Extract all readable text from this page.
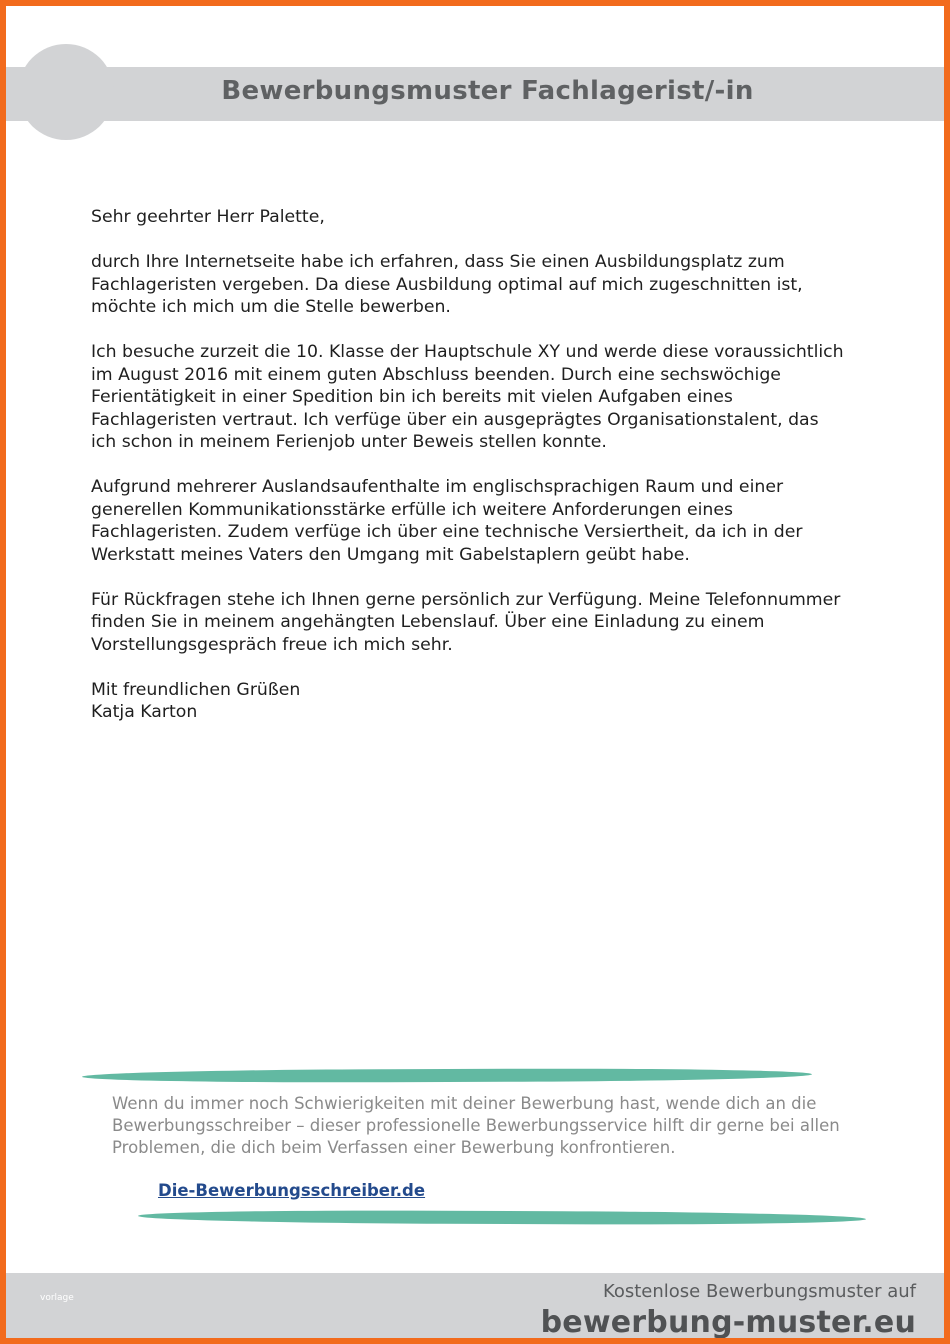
Bewerbungsmuster Fachlagerist/-in

Sehr geehrter Herr Palette,

durch Ihre Internetseite habe ich erfahren, dass Sie einen Ausbildungsplatz zum
Fachlageristen vergeben. Da diese Ausbildung optimal auf mich zugeschnitten ist,
möchte ich mich um die Stelle bewerben.

Ich besuche zurzeit die 10. Klasse der Hauptschule XY und werde diese voraussichtlich
im August 2016 mit einem guten Abschluss beenden. Durch eine sechswöchige
Ferientätigkeit in einer Spedition bin ich bereits mit vielen Aufgaben eines
Fachlageristen vertraut. Ich verfüge über ein ausgeprägtes Organisationstalent, das
ich schon in meinem Ferienjob unter Beweis stellen konnte.

Aufgrund mehrerer Auslandsaufenthalte im englischsprachigen Raum und einer
generellen Kommunikationsstärke erfülle ich weitere Anforderungen eines
Fachlageristen. Zudem verfüge ich über eine technische Versiertheit, da ich in der
Werkstatt meines Vaters den Umgang mit Gabelstaplern geübt habe.

Für Rückfragen stehe ich Ihnen gerne persönlich zur Verfügung. Meine Telefonnummer
finden Sie in meinem angehängten Lebenslauf. Über eine Einladung zu einem
Vorstellungsgespräch freue ich mich sehr.

Mit freundlichen Grüßen

Katja Karton

Wenn du immer noch Schwierigkeiten mit deiner Bewerbung hast, wende dich an die
Bewerbungsschreiber – dieser professionelle Bewerbungsservice hilft dir gerne bei allen
Problemen, die dich beim Verfassen einer Bewerbung konfrontieren.
Die-Bewerbungsschreiber.de
vorlage	Kostenlose Bewerbungsmuster auf
bewerbung-muster.eu
